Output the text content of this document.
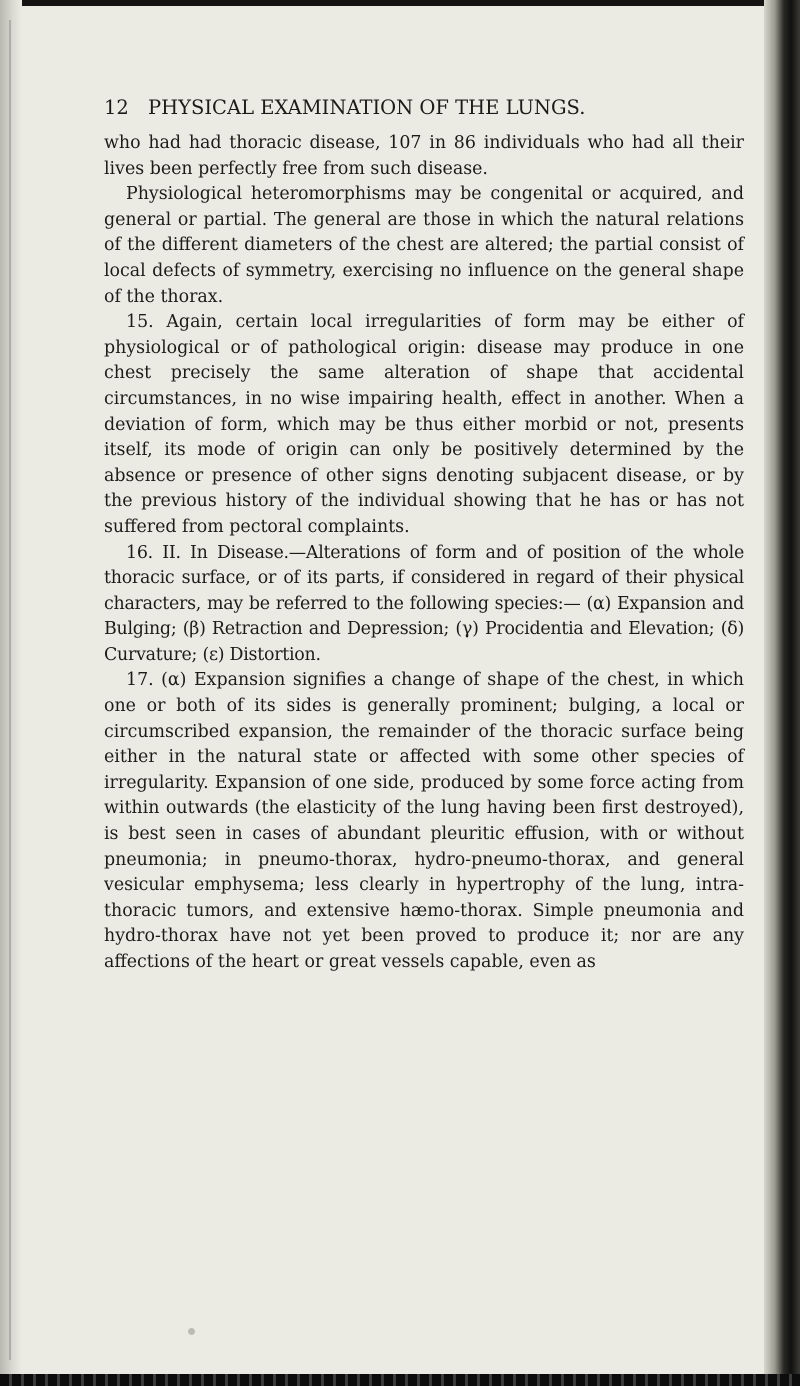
12 PHYSICAL EXAMINATION OF THE LUNGS.

who had had thoracic disease, 107 in 86 individuals who had all their lives been perfectly free from such disease.

Physiological heteromorphisms may be congenital or acquired, and general or partial. The general are those in which the natural relations of the different diameters of the chest are altered; the partial consist of local defects of symmetry, exercising no influence on the general shape of the thorax.

15. Again, certain local irregularities of form may be either of physiological or of pathological origin: disease may produce in one chest precisely the same alteration of shape that accidental circumstances, in no wise impairing health, effect in another. When a deviation of form, which may be thus either morbid or not, presents itself, its mode of origin can only be positively determined by the absence or presence of other signs denoting subjacent disease, or by the previous history of the individual showing that he has or has not suffered from pectoral complaints.

16. II. In Disease.—Alterations of form and of position of the whole thoracic surface, or of its parts, if considered in regard of their physical characters, may be referred to the following species:— (α) Expansion and Bulging; (β) Retraction and Depression; (γ) Procidentia and Elevation; (δ) Curvature; (ε) Distortion.

17. (α) Expansion signifies a change of shape of the chest, in which one or both of its sides is generally prominent; bulging, a local or circumscribed expansion, the remainder of the thoracic surface being either in the natural state or affected with some other species of irregularity. Expansion of one side, produced by some force acting from within outwards (the elasticity of the lung having been first destroyed), is best seen in cases of abundant pleuritic effusion, with or without pneumonia; in pneumo-thorax, hydro-pneumo-thorax, and general vesicular emphysema; less clearly in hypertrophy of the lung, intra-thoracic tumors, and extensive hæmo-thorax. Simple pneumonia and hydro-thorax have not yet been proved to produce it; nor are any affections of the heart or great vessels capable, even as
